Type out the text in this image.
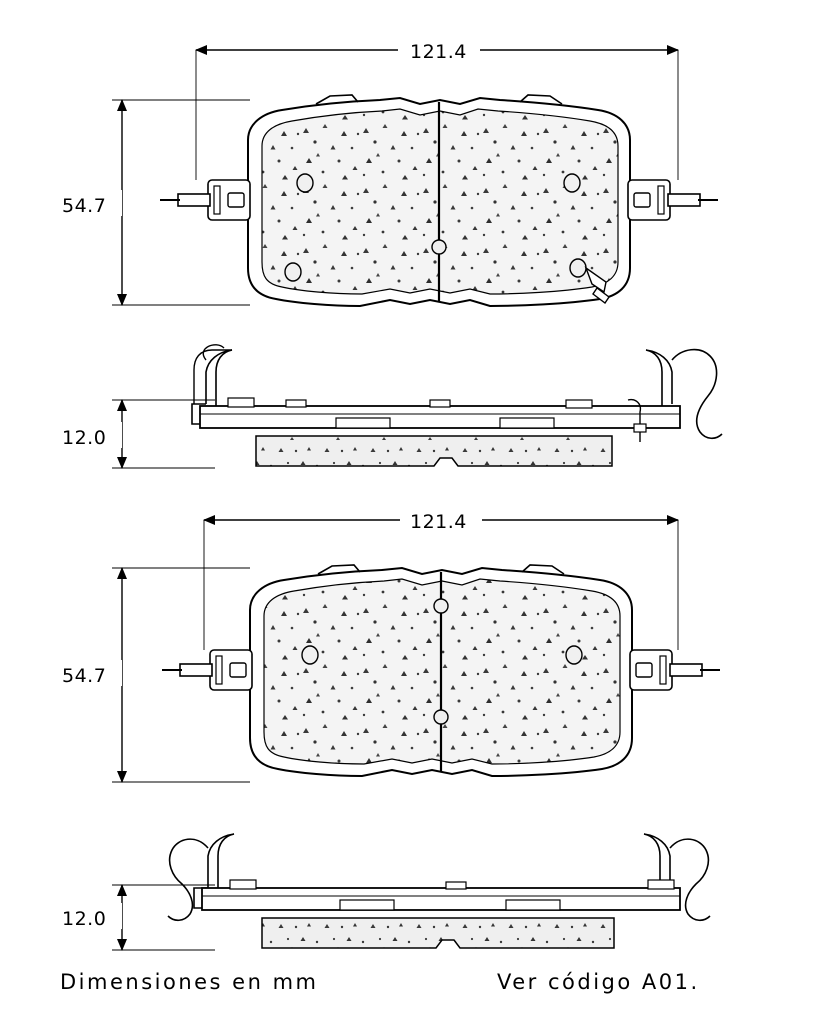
121.4
54.7
12.0
121.4
54.7
12.0
Dimensiones en mm	Ver código A01.
